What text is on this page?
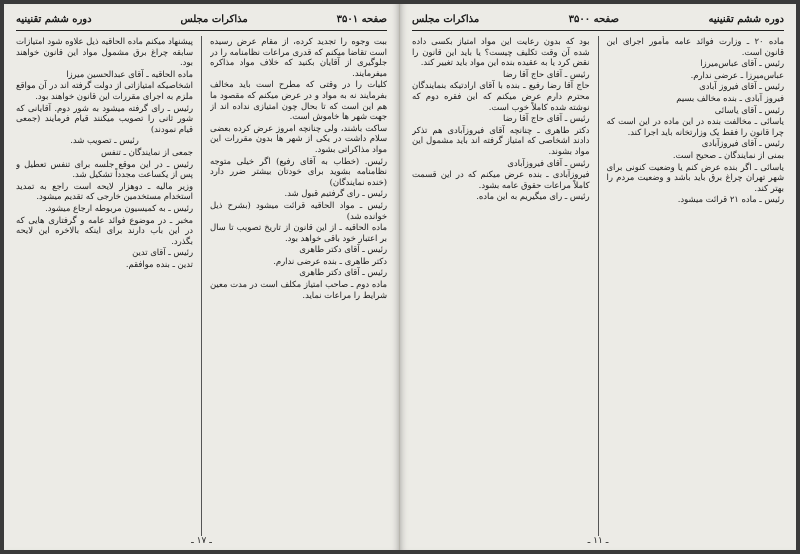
صفحه ۳۵۰۱
مذاکرات مجلس
دوره ششم تقنینیه

ببت وجوه را تجدید کرده، از مقام عرض رسیده است تقاضا میکنم که قدری مراعات نظامنامه را در جلوگیری از آقایان بکنید که خلاف مواد مذاکره میفرمایند.

کلیات را در وقتی که مطرح است باید مخالف بفرمایند نه به مواد و در عرض میکنم که مقصود ما هم این است که تا بحال چون امتیازی نداده اند از جهت شهر ها خاموش است.

ساکت باشند، ولی چنانچه امروز عرض کرده بعضی سلام داشت در یکی از شهر ها بدون مقررات این مواد مذاکراتی بشود.

رئیس. (خطاب به آقای رفیع) اگر خیلی متوجه نظامنامه بشوید برای خودتان بیشتر ضرر دارد (خنده نمایندگان)

رئیس ـ رای گرفتیم قبول شد.

رئیس ـ مواد الحاقیه قرائت میشود (بشرح ذیل خوانده شد)

ماده الحاقیه ـ از این قانون از تاریخ تصویب تا سال بر اعتبار خود باقی خواهد بود.

رئیس ـ آقای دکتر طاهری

دکتر طاهری ـ بنده عرضی ندارم.

رئیس ـ آقای دکتر طاهری

ماده دوم ـ صاحب امتیاز مکلف است در مدت معین شرایط را مراعات نماید.

پیشنهاد میکنم ماده الحاقیه ذیل علاوه شود امتیازات سابقه چراغ برق مشمول مواد این قانون خواهند بود.

ماده الحاقیه ـ آقای عبدالحسین میرزا

اشخاصیکه امتیازاتی از دولت گرفته اند در آن مواقع ملزم به اجرای مقررات این قانون خواهند بود.

رئیس ـ رای گرفته میشود به شور دوم. آقایانی که شور ثانی را تصویب میکنند قیام فرمایند (جمعی قیام نمودند)

رئیس ـ تصویب شد.

جمعی از نمایندگان ـ تنفس

رئیس ـ در این موقع جلسه برای تنفس تعطیل و پس از یکساعت مجدداً تشکیل شد.

وزیر مالیه ـ دوهزار لایحه است راجع به تمدید استخدام مستخدمین خارجی که تقدیم میشود.

رئیس ـ به کمیسیون مربوطه ارجاع میشود.

مخبر ـ در موضوع فوائد عامه و گرفتاری هایی که در این باب دارند برای اینکه بالاخره این لایحه بگذرد.

رئیس ـ آقای تدین

تدین ـ بنده موافقم.

ـ ۱۷ ـ
دوره ششم تقنینیه
صفحه ۳۵۰۰
مذاکرات مجلس

ماده ۲۰ ـ وزارت فوائد عامه مأمور اجرای این قانون است.

رئیس ـ آقای عباس‌میرزا

عباس‌میرزا ـ عرضی ندارم.

رئیس ـ آقای فیروز آبادی

فیروز آبادی ـ بنده مخالف بسیم

رئیس ـ آقای یاسائی

یاسائی ـ مخالفت بنده در این ماده در این است که چرا قانون را فقط یک وزارتخانه باید اجرا کند.

رئیس ـ آقای فیروزآبادی

بمنی از نمایندگان ـ صحیح است.

یاسائی ـ اگر بنده عرض کنم یا وضعیت کنونی برای شهر تهران چراغ برق باید باشد و وضعیت مردم را بهتر کند.

رئیس ـ ماده ۲۱ قرائت میشود.

بود که بدون رعایت این مواد امتیاز بکسی داده شده آن وقت تکلیف چیست؟ یا باید این قانون را نقض کرد یا به عقیده بنده این مواد باید تغییر کند.

رئیس ـ آقای حاج آقا رضا

حاج آقا رضا رفیع ـ بنده با آقای ارادتیکه بنمایندگان محترم دارم عرض میکنم که این فقره دوم که نوشته شده کاملاً خوب است.

رئیس ـ آقای حاج آقا رضا

دکتر طاهری ـ چنانچه آقای فیروزآبادی هم تذکر دادند اشخاصی که امتیاز گرفته اند باید مشمول این مواد بشوند.

رئیس ـ آقای فیروزآبادی

فیروزآبادی ـ بنده عرض میکنم که در این قسمت کاملاً مراعات حقوق عامه بشود.

رئیس ـ رای میگیریم به این ماده.

ـ ۱۱ ـ
